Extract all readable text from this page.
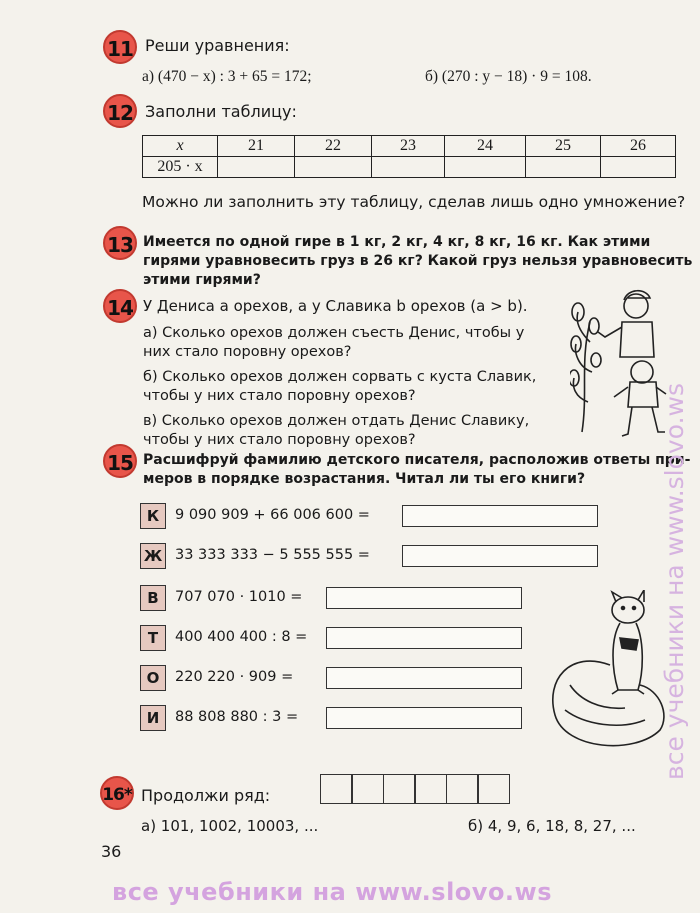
11 Реши уравнения:
а) (470 − x) : 3 + 65 = 172;	б) (270 : y − 18) · 9 = 108.
12 Заполни таблицу:
x	21	22	23	24	25	26
205 · x						
Можно ли заполнить эту таблицу, сделав лишь одно умножение?
13 Имеется по одной гире в 1 кг, 2 кг, 4 кг, 8 кг, 16 кг. Как этими
гирями уравновесить груз в 26 кг? Какой груз нельзя уравновесить
этими гирями?
14 У Дениса a орехов, а у Славика b орехов (a > b).
а) Сколько орехов должен съесть Денис, чтобы у
них стало поровну орехов?
б) Сколько орехов должен сорвать с куста Славик,
чтобы у них стало поровну орехов?
в) Сколько орехов должен отдать Денис Славику,
чтобы у них стало поровну орехов?
15 Расшифруй фамилию детского писателя, расположив ответы при-
меров в порядке возрастания. Читал ли ты его книги?
К	9 090 909 + 66 006 600 =
Ж 33 333 333 − 5 555 555 =
В	707 070 · 1010 =
Т	400 400 400 : 8 =
О	220 220 · 909 =
И	88 808 880 : 3 =
16* Продолжи ряд:
а) 101, 1002, 10003, ...	б) 4, 9, 6, 18, 8, 27, ...
36
все учебники на www.slovo.ws
все учебники на www.slovo.ws
